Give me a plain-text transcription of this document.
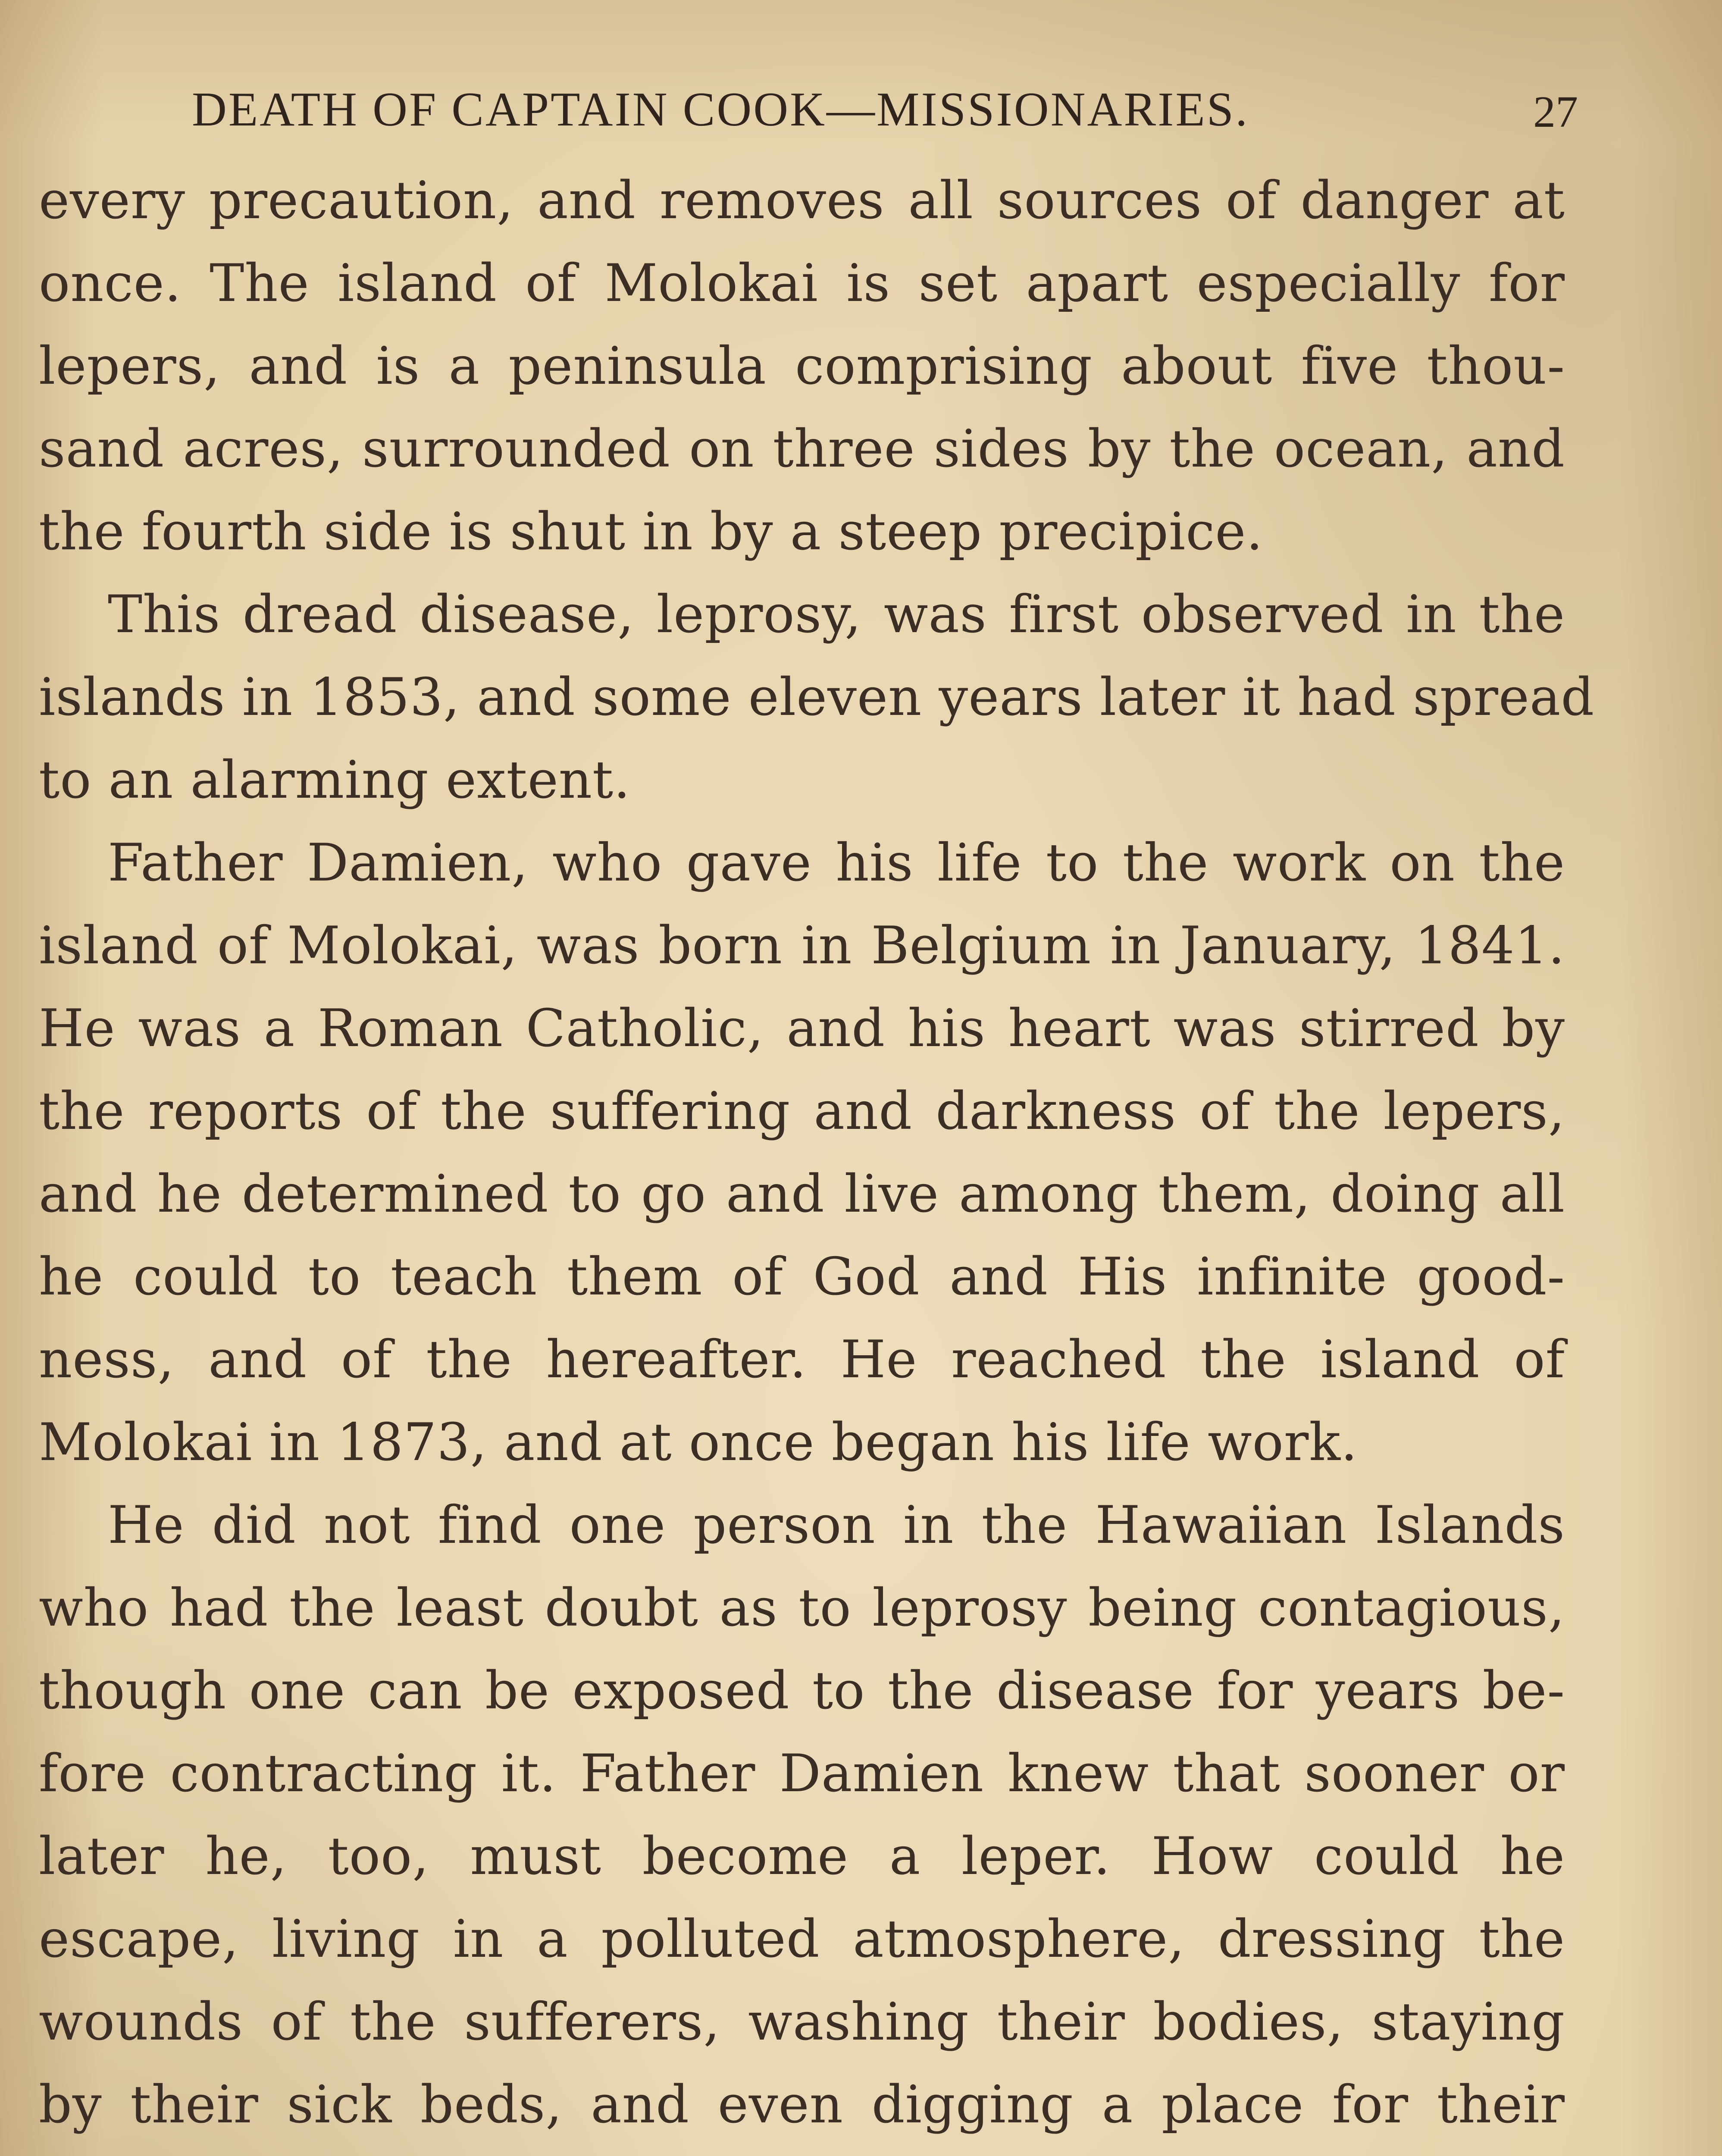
DEATH OF CAPTAIN COOK—MISSIONARIES.	27
every precaution, and removes all sources of danger at
once. The island of Molokai is set apart especially for
lepers, and is a peninsula comprising about five thou-
sand acres, surrounded on three sides by the ocean, and
the fourth side is shut in by a steep precipice.
This dread disease, leprosy, was first observed in the
islands in 1853, and some eleven years later it had spread
to an alarming extent.
Father Damien, who gave his life to the work on the
island of Molokai, was born in Belgium in January, 1841.
He was a Roman Catholic, and his heart was stirred by
the reports of the suffering and darkness of the lepers,
and he determined to go and live among them, doing all
he could to teach them of God and His infinite good-
ness, and of the hereafter. He reached the island of
Molokai in 1873, and at once began his life work.
He did not find one person in the Hawaiian Islands
who had the least doubt as to leprosy being contagious,
though one can be exposed to the disease for years be-
fore contracting it. Father Damien knew that sooner or
later he, too, must become a leper. How could he
escape, living in a polluted atmosphere, dressing the
wounds of the sufferers, washing their bodies, staying
by their sick beds, and even digging a place for their
